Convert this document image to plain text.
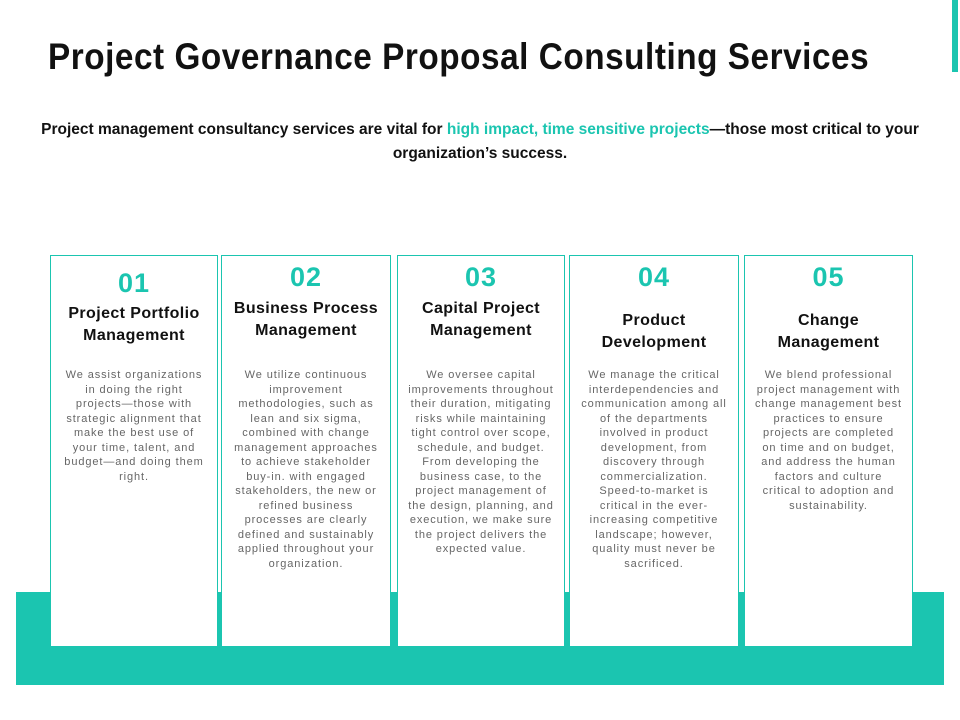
Project Governance Proposal Consulting Services
Project management consultancy services are vital for high impact, time sensitive projects—those most critical to your organization’s success.
01
Project Portfolio Management
We assist organizations in doing the right projects—those with strategic alignment that make the best use of your time, talent, and budget—and doing them right.
02
Business Process Management
We utilize continuous improvement methodologies, such as lean and six sigma, combined with change management approaches to achieve stakeholder buy-in. with engaged stakeholders, the new or refined business processes are clearly defined and sustainably applied throughout your organization.
03
Capital Project Management
We oversee capital improvements throughout their duration, mitigating risks while maintaining tight control over scope, schedule, and budget. From developing the business case, to the project management of the design, planning, and execution, we make sure the project delivers the expected value.
04
Product Development
We manage the critical interdependencies and communication among all of the departments involved in product development, from discovery through commercialization. Speed-to-market is critical in the ever-increasing competitive landscape; however, quality must never be sacrificed.
05
Change Management
We blend professional project management with change management best practices to ensure projects are completed on time and on budget, and address the human factors and culture critical to adoption and sustainability.
